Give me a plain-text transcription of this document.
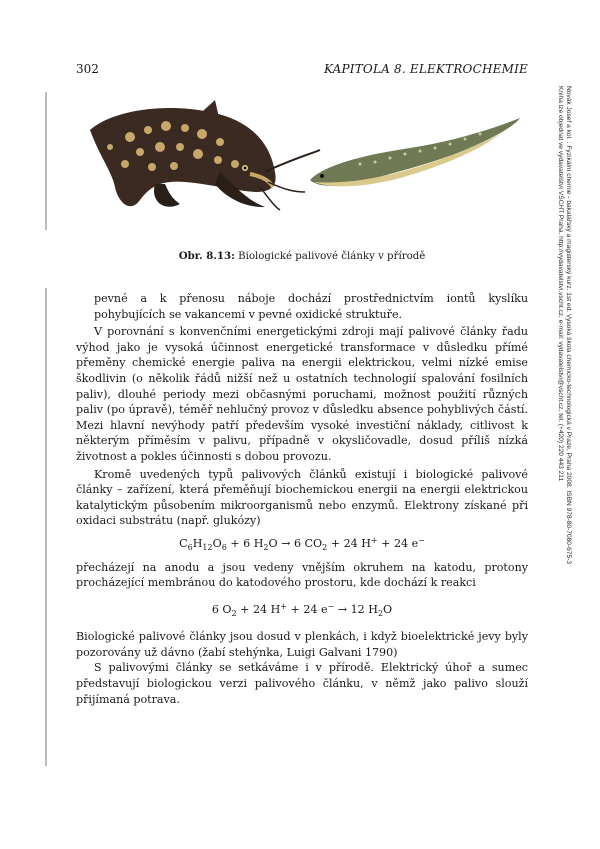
302	KAPITOLA 8. ELEKTROCHEMIE
Novák Josef a kol. : Fyzikální chemie - bakalářský a magisterský kurz. 1st ed. Vysoká škola chemicko-technologická v Praze, Praha 2008. ISBN 978-80-7080-675-3
Kniha lze objednat ve vydavatelství VŠCHT Praha. http://vydavatelstvi.vscht.cz, e-mail: vydavatelstvi@vscht.cz, tel. (+420) 220 443 211
Obr. 8.13: Biologické palivové články v přírodě

pevné a k přenosu náboje dochází prostřednictvím iontů kyslíku pohybujících se vakancemi v pevné oxidické struktuře.

V porovnání s konvenčními energetickými zdroji mají palivové články řadu výhod jako je vysoká účinnost energetické transformace v důsledku přímé přeměny chemické energie paliva na energii elektrickou, velmi nízké emise škodlivin (o několik řádů nižší než u ostatních technologií spalování fosilních paliv), dlouhé periody mezi občasnými poruchami, možnost použití různých paliv (po úpravě), téměř nehlučný provoz v důsledku absence pohyblivých částí. Mezi hlavní nevýhody patří především vysoké investiční náklady, citlivost k některým příměsím v palivu, případně v okysličovadle, dosud příliš nízká životnost a pokles účinnosti s dobou provozu.

Kromě uvedených typů palivových článků existují i biologické palivové články – zařízení, která přeměňují biochemickou energii na energii elektrickou katalytickým působením mikroorganismů nebo enzymů. Elektrony získané při oxidaci substrátu (např. glukózy)

$C_6H_{12}O_6 + 6$ $H_2O \to 6$ $CO_2 + 24$ H+ + 24 e−

přecházejí na anodu a jsou vedeny vnějším okruhem na katodu, protony procházející membránou do katodového prostoru, kde dochází k reakci

6 $O_2 + 24$ H+ + 24 e− → 12 $H_2O$

Biologické palivové články jsou dosud v plenkách, i když bioelektrické jevy byly pozorovány už dávno (žabí stehýnka, Luigi Galvani 1790)

S palivovými články se setkáváme i v přírodě. Elektrický úhoř a sumec představují biologickou verzi palivového článku, v němž jako palivo slouží přijímaná potrava.
